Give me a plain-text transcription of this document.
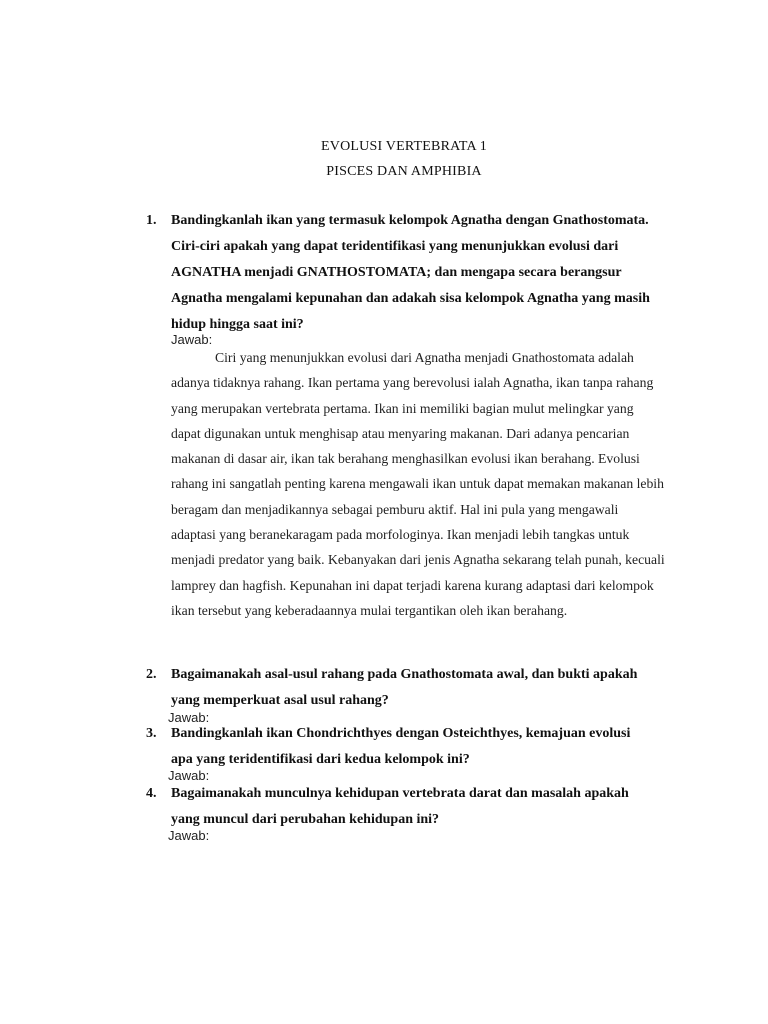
EVOLUSI VERTEBRATA 1
PISCES DAN AMPHIBIA
1.	Bandingkanlah ikan yang termasuk kelompok Agnatha dengan Gnathostomata. Ciri-ciri apakah yang dapat teridentifikasi yang menunjukkan evolusi dari AGNATHA menjadi GNATHOSTOMATA; dan mengapa secara berangsur Agnatha mengalami kepunahan dan adakah sisa kelompok Agnatha yang masih hidup hingga saat ini?
Jawab:
Ciri yang menunjukkan evolusi dari Agnatha menjadi Gnathostomata adalah adanya tidaknya rahang. Ikan pertama yang berevolusi ialah Agnatha, ikan tanpa rahang yang merupakan vertebrata pertama. Ikan ini memiliki bagian mulut melingkar yang dapat digunakan untuk menghisap atau menyaring makanan. Dari adanya pencarian makanan di dasar air, ikan tak berahang menghasilkan evolusi ikan berahang. Evolusi rahang ini sangatlah penting karena mengawali ikan untuk dapat memakan makanan lebih beragam dan menjadikannya sebagai pemburu aktif. Hal ini pula yang mengawali adaptasi yang beranekaragam pada morfologinya. Ikan menjadi lebih tangkas untuk menjadi predator yang baik. Kebanyakan dari jenis Agnatha sekarang telah punah, kecuali lamprey dan hagfish. Kepunahan ini dapat terjadi karena kurang adaptasi dari kelompok ikan tersebut yang keberadaannya mulai tergantikan oleh ikan berahang.
2.	Bagaimanakah asal-usul rahang pada Gnathostomata awal, dan bukti apakah yang memperkuat asal usul rahang?
Jawab:
3.	Bandingkanlah ikan Chondrichthyes dengan Osteichthyes, kemajuan evolusi apa yang teridentifikasi dari kedua kelompok ini?
Jawab:
4.	Bagaimanakah munculnya kehidupan vertebrata darat dan masalah apakah yang muncul dari perubahan kehidupan ini?
Jawab:
